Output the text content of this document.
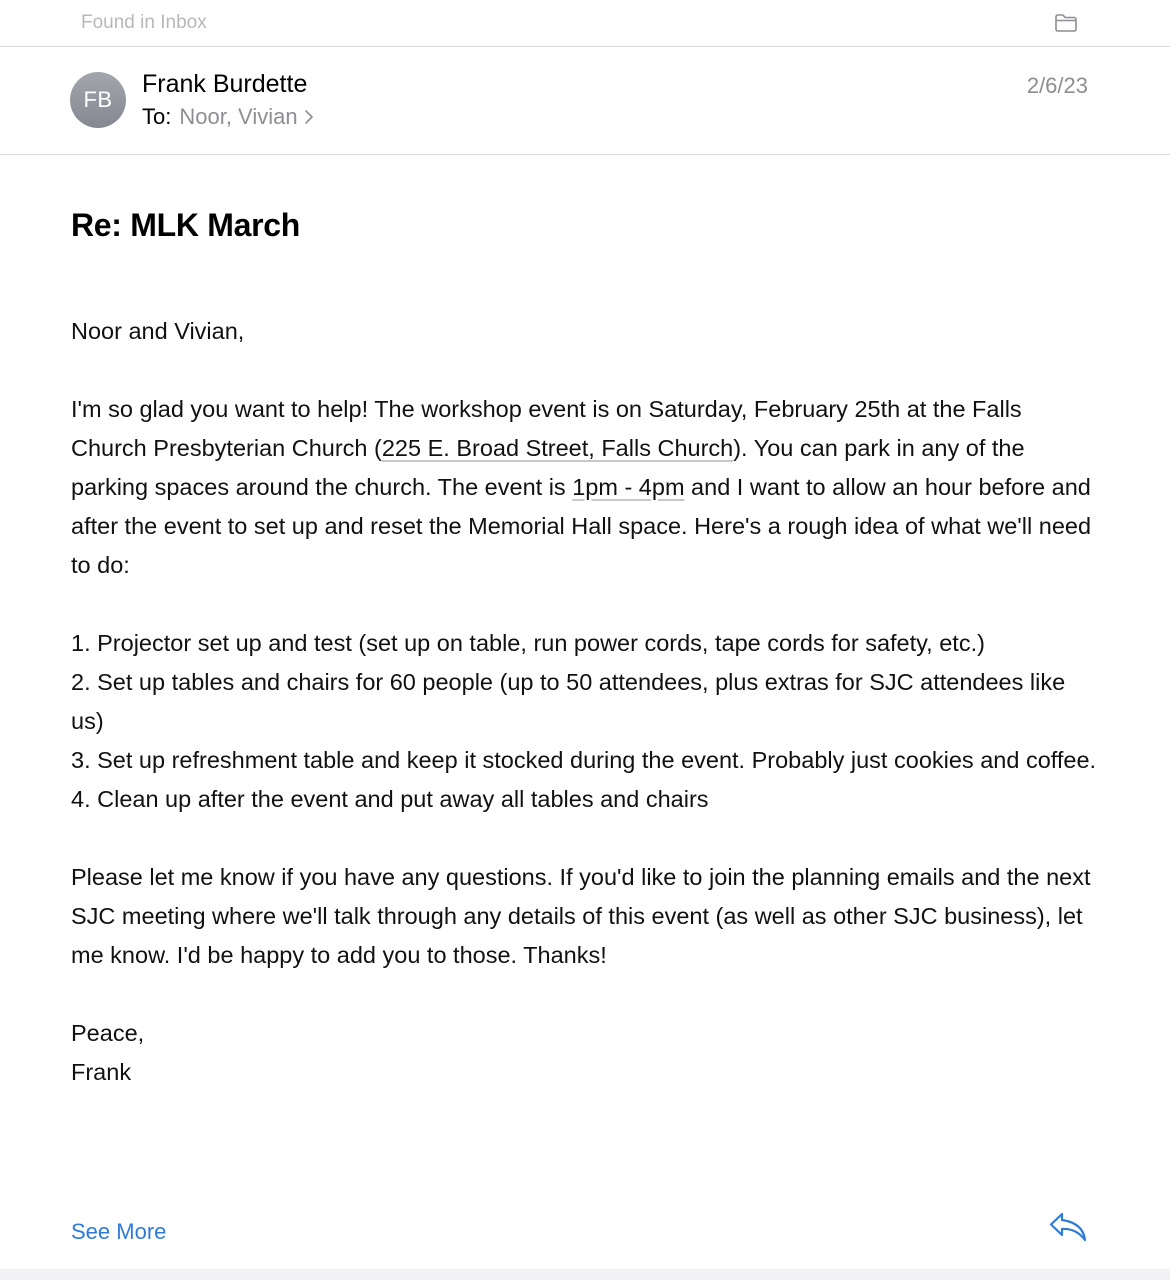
Found in Inbox
FB
Frank Burdette
To: Noor, Vivian
2/6/23
Re: MLK March

Noor and Vivian,

I'm so glad you want to help! The workshop event is on Saturday, February 25th at the Falls Church Presbyterian Church (225 E. Broad Street, Falls Church). You can park in any of the parking spaces around the church. The event is 1pm - 4pm and I want to allow an hour before and after the event to set up and reset the Memorial Hall space. Here's a rough idea of what we'll need to do:

1. Projector set up and test (set up on table, run power cords, tape cords for safety, etc.)

2. Set up tables and chairs for 60 people (up to 50 attendees, plus extras for SJC attendees like us)

3. Set up refreshment table and keep it stocked during the event. Probably just cookies and coffee.

4. Clean up after the event and put away all tables and chairs

Please let me know if you have any questions. If you'd like to join the planning emails and the next SJC meeting where we'll talk through any details of this event (as well as other SJC business), let me know. I'd be happy to add you to those. Thanks!

Peace,

Frank

See More
